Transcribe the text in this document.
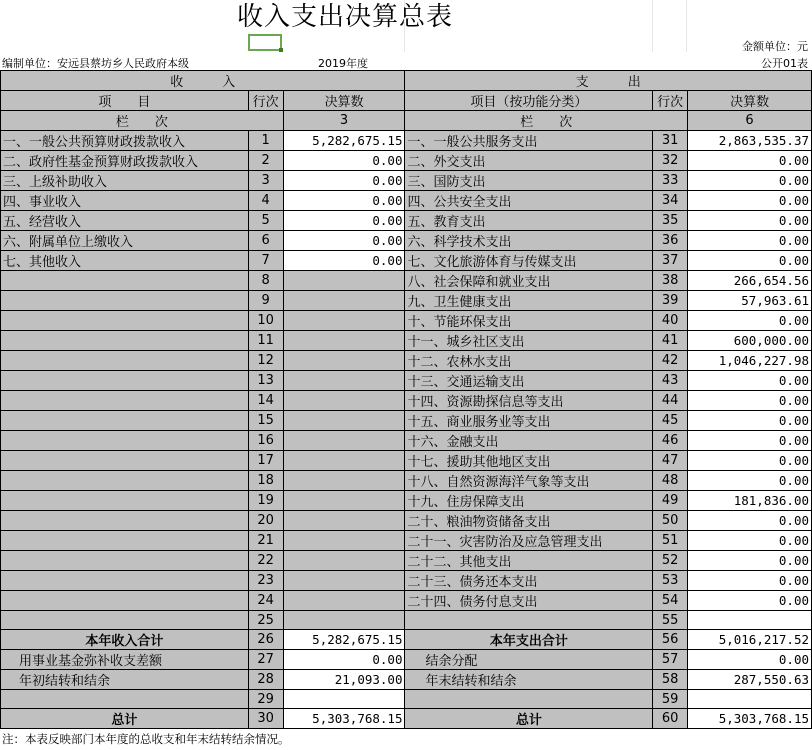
收入支出决算总表
金额单位：元
编制单位：安远县蔡坊乡人民政府本级	2019年度	公开01表
收　　　入			支　　　出		
项　　目	行次	决算数	项目（按功能分类）	行次	决算数
栏　　次		3	栏　　次		6
一、一般公共预算财政拨款收入	1	5,282,675.15	一、一般公共服务支出	31	2,863,535.37
二、政府性基金预算财政拨款收入	2	0.00	二、外交支出	32	0.00
三、上级补助收入	3	0.00	三、国防支出	33	0.00
四、事业收入	4	0.00	四、公共安全支出	34	0.00
五、经营收入	5	0.00	五、教育支出	35	0.00
六、附属单位上缴收入	6	0.00	六、科学技术支出	36	0.00
七、其他收入	7	0.00	七、文化旅游体育与传媒支出	37	0.00
	8		八、社会保障和就业支出	38	266,654.56
	9		九、卫生健康支出	39	57,963.61
	10		十、节能环保支出	40	0.00
	11		十一、城乡社区支出	41	600,000.00
	12		十二、农林水支出	42	1,046,227.98
	13		十三、交通运输支出	43	0.00
	14		十四、资源勘探信息等支出	44	0.00
	15		十五、商业服务业等支出	45	0.00
	16		十六、金融支出	46	0.00
	17		十七、援助其他地区支出	47	0.00
	18		十八、自然资源海洋气象等支出	48	0.00
	19		十九、住房保障支出	49	181,836.00
	20		二十、粮油物资储备支出	50	0.00
	21		二十一、灾害防治及应急管理支出	51	0.00
	22		二十二、其他支出	52	0.00
	23		二十三、债务还本支出	53	0.00
	24		二十四、债务付息支出	54	0.00
	25			55	
本年收入合计	26	5,282,675.15	本年支出合计	56	5,016,217.52
用事业基金弥补收支差额	27	0.00	结余分配	57	0.00
年初结转和结余	28	21,093.00	年末结转和结余	58	287,550.63
	29			59	
总计	30	5,303,768.15	总计	60	5,303,768.15
注：本表反映部门本年度的总收支和年末结转结余情况。
